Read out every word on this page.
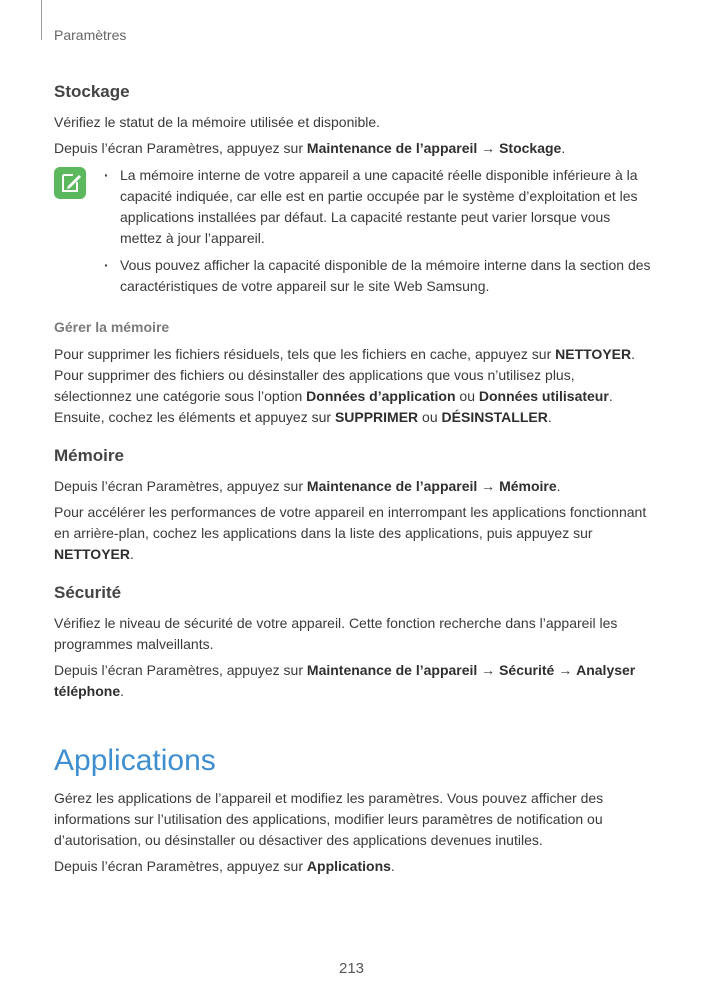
Paramètres
Stockage

Vérifiez le statut de la mémoire utilisée et disponible.

Depuis l’écran Paramètres, appuyez sur Maintenance de l’appareil → Stockage.

· La mémoire interne de votre appareil a une capacité réelle disponible inférieure à la capacité indiquée, car elle est en partie occupée par le système d’exploitation et les applications installées par défaut. La capacité restante peut varier lorsque vous mettez à jour l’appareil.
· Vous pouvez afficher la capacité disponible de la mémoire interne dans la section des caractéristiques de votre appareil sur le site Web Samsung.
Gérer la mémoire

Pour supprimer les fichiers résiduels, tels que les fichiers en cache, appuyez sur NETTOYER. Pour supprimer des fichiers ou désinstaller des applications que vous n’utilisez plus, sélectionnez une catégorie sous l’option Données d’application ou Données utilisateur. Ensuite, cochez les éléments et appuyez sur SUPPRIMER ou DÉSINSTALLER.

Mémoire

Depuis l’écran Paramètres, appuyez sur Maintenance de l’appareil → Mémoire.

Pour accélérer les performances de votre appareil en interrompant les applications fonctionnant en arrière-plan, cochez les applications dans la liste des applications, puis appuyez sur NETTOYER.

Sécurité

Vérifiez le niveau de sécurité de votre appareil. Cette fonction recherche dans l’appareil les programmes malveillants.

Depuis l’écran Paramètres, appuyez sur Maintenance de l’appareil → Sécurité → Analyser téléphone.

Applications

Gérez les applications de l’appareil et modifiez les paramètres. Vous pouvez afficher des informations sur l’utilisation des applications, modifier leurs paramètres de notification ou d’autorisation, ou désinstaller ou désactiver des applications devenues inutiles.

Depuis l’écran Paramètres, appuyez sur Applications.

213
